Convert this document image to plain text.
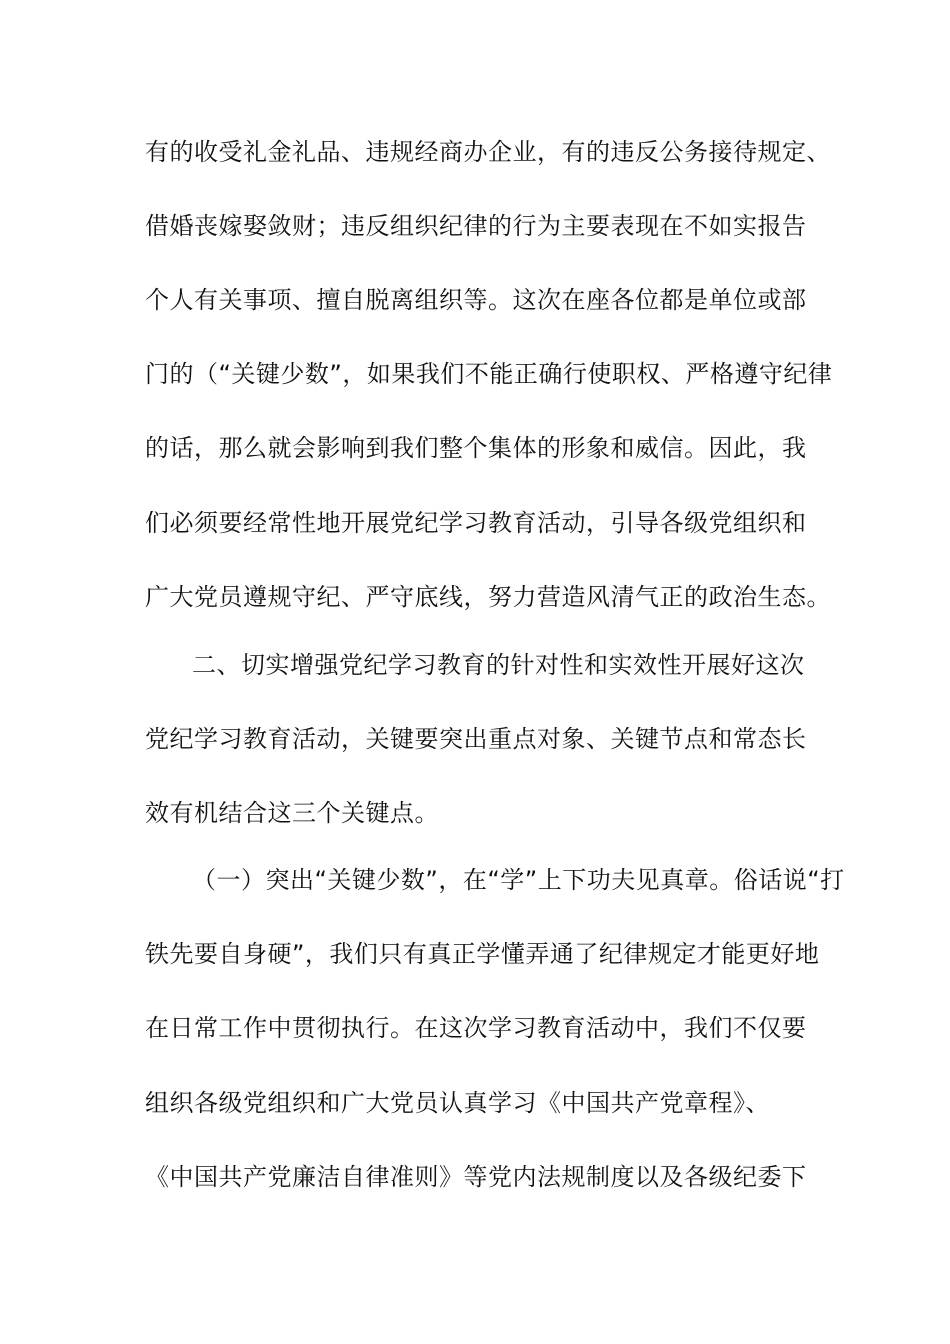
有的收受礼金礼品、违规经商办企业，有的违反公务接待规定、
借婚丧嫁娶敛财；违反组织纪律的行为主要表现在不如实报告
个人有关事项、擅自脱离组织等。这次在座各位都是单位或部
门的（“关键少数”，如果我们不能正确行使职权、严格遵守纪律
的话，那么就会影响到我们整个集体的形象和威信。因此，我
们必须要经常性地开展党纪学习教育活动，引导各级党组织和
广大党员遵规守纪、严守底线，努力营造风清气正的政治生态。
二、切实增强党纪学习教育的针对性和实效性开展好这次
党纪学习教育活动，关键要突出重点对象、关键节点和常态长
效有机结合这三个关键点。
（一）突出“关键少数”，在“学”上下功夫见真章。俗话说“打
铁先要自身硬”，我们只有真正学懂弄通了纪律规定才能更好地
在日常工作中贯彻执行。在这次学习教育活动中，我们不仅要
组织各级党组织和广大党员认真学习《中国共产党章程》、
《中国共产党廉洁自律准则》等党内法规制度以及各级纪委下
